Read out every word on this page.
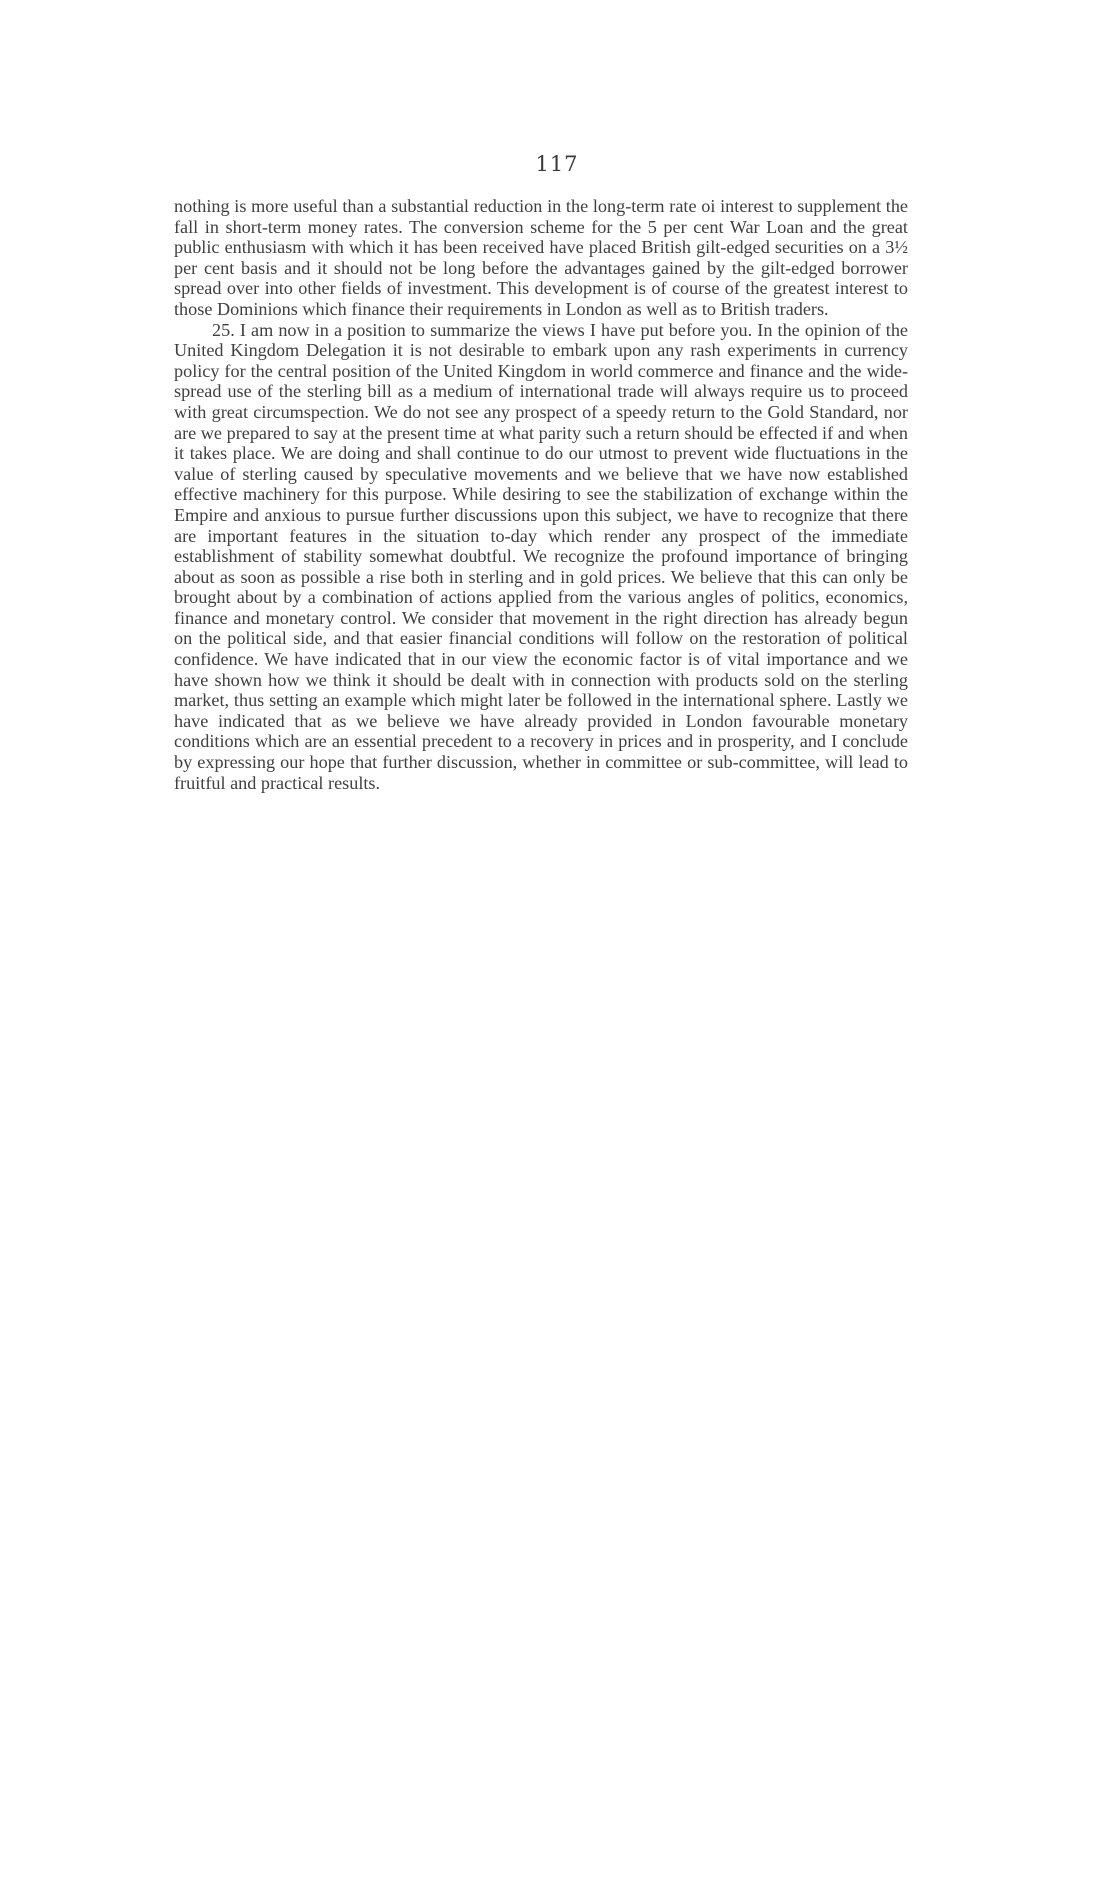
117

nothing is more useful than a substantial reduction in the long-term rate oi interest to supplement the fall in short-term money rates. The conversion scheme for the 5 per cent War Loan and the great public enthusiasm with which it has been received have placed British gilt-edged securities on a 3½ per cent basis and it should not be long before the advantages gained by the gilt-edged borrower spread over into other fields of investment. This development is of course of the greatest interest to those Dominions which finance their requirements in London as well as to British traders.

25. I am now in a position to summarize the views I have put before you. In the opinion of the United Kingdom Delegation it is not desirable to embark upon any rash experiments in currency policy for the central position of the United Kingdom in world commerce and finance and the wide-spread use of the sterling bill as a medium of international trade will always require us to proceed with great circumspection. We do not see any prospect of a speedy return to the Gold Standard, nor are we prepared to say at the present time at what parity such a return should be effected if and when it takes place. We are doing and shall continue to do our utmost to prevent wide fluctuations in the value of sterling caused by speculative movements and we believe that we have now established effective machinery for this purpose. While desiring to see the stabilization of exchange within the Empire and anxious to pursue further discussions upon this subject, we have to recognize that there are important features in the situation to-day which render any prospect of the immediate establishment of stability somewhat doubtful. We recognize the profound importance of bringing about as soon as possible a rise both in sterling and in gold prices. We believe that this can only be brought about by a combination of actions applied from the various angles of politics, economics, finance and monetary control. We consider that movement in the right direction has already begun on the political side, and that easier financial conditions will follow on the restoration of political confidence. We have indicated that in our view the economic factor is of vital importance and we have shown how we think it should be dealt with in connection with products sold on the sterling market, thus setting an example which might later be followed in the international sphere. Lastly we have indicated that as we believe we have already provided in London favourable monetary conditions which are an essential precedent to a recovery in prices and in prosperity, and I conclude by expressing our hope that further discussion, whether in committee or sub-committee, will lead to fruitful and practical results.
